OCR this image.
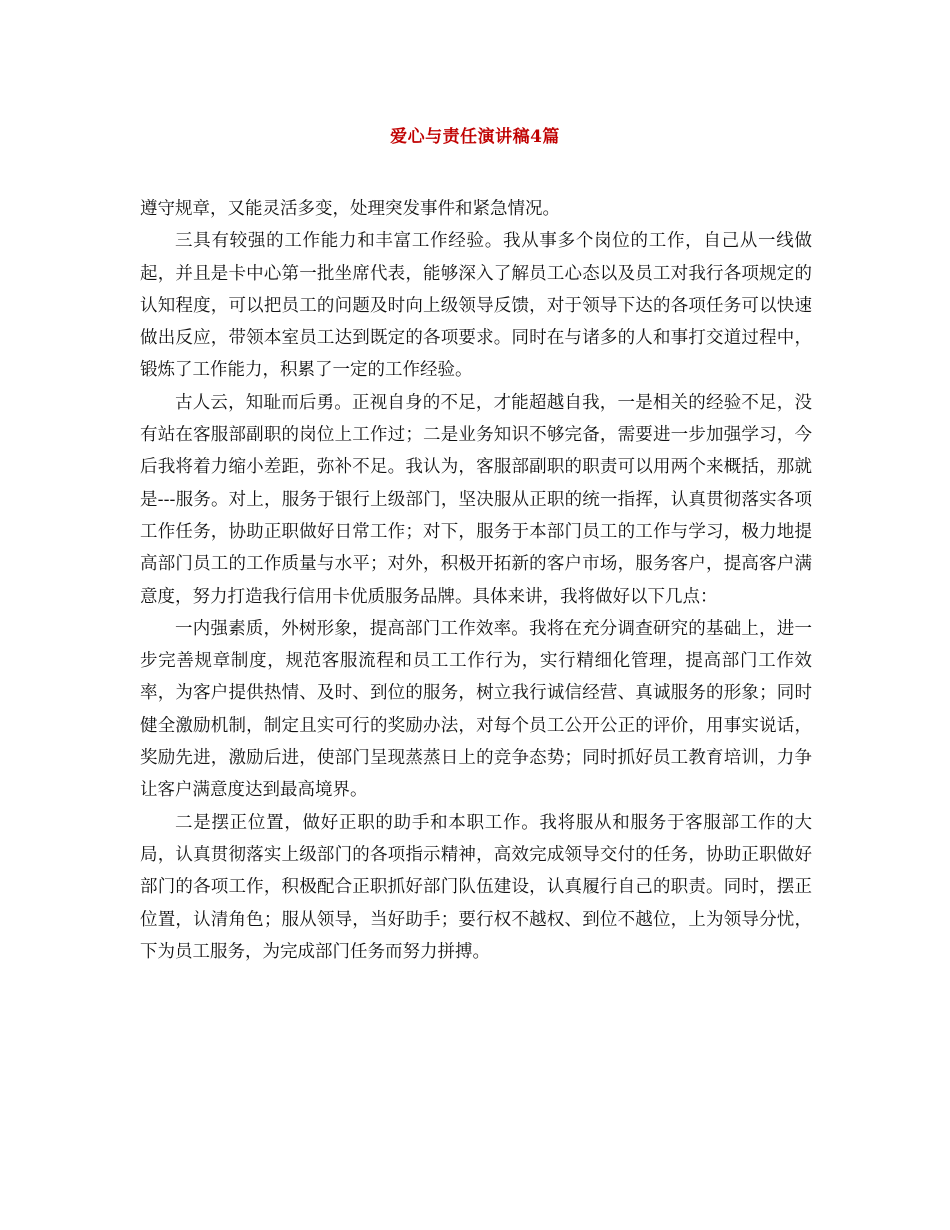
爱心与责任演讲稿4篇

遵守规章，又能灵活多变，处理突发事件和紧急情况。

三具有较强的工作能力和丰富工作经验。我从事多个岗位的工作，自己从一线做起，并且是卡中心第一批坐席代表，能够深入了解员工心态以及员工对我行各项规定的认知程度，可以把员工的问题及时向上级领导反馈，对于领导下达的各项任务可以快速做出反应，带领本室员工达到既定的各项要求。同时在与诸多的人和事打交道过程中，锻炼了工作能力，积累了一定的工作经验。

古人云，知耻而后勇。正视自身的不足，才能超越自我，一是相关的经验不足，没有站在客服部副职的岗位上工作过；二是业务知识不够完备，需要进一步加强学习，今后我将着力缩小差距，弥补不足。我认为，客服部副职的职责可以用两个来概括，那就是---服务。对上，服务于银行上级部门，坚决服从正职的统一指挥，认真贯彻落实各项工作任务，协助正职做好日常工作；对下，服务于本部门员工的工作与学习，极力地提高部门员工的工作质量与水平；对外，积极开拓新的客户市场，服务客户，提高客户满意度，努力打造我行信用卡优质服务品牌。具体来讲，我将做好以下几点：

一内强素质，外树形象，提高部门工作效率。我将在充分调查研究的基础上，进一步完善规章制度，规范客服流程和员工工作行为，实行精细化管理，提高部门工作效率，为客户提供热情、及时、到位的服务，树立我行诚信经营、真诚服务的形象；同时健全激励机制，制定且实可行的奖励办法，对每个员工公开公正的评价，用事实说话，奖励先进，激励后进，使部门呈现蒸蒸日上的竞争态势；同时抓好员工教育培训，力争让客户满意度达到最高境界。

二是摆正位置，做好正职的助手和本职工作。我将服从和服务于客服部工作的大局，认真贯彻落实上级部门的各项指示精神，高效完成领导交付的任务，协助正职做好部门的各项工作，积极配合正职抓好部门队伍建设，认真履行自己的职责。同时，摆正位置，认清角色；服从领导，当好助手；要行权不越权、到位不越位，上为领导分忧，下为员工服务，为完成部门任务而努力拼搏。
